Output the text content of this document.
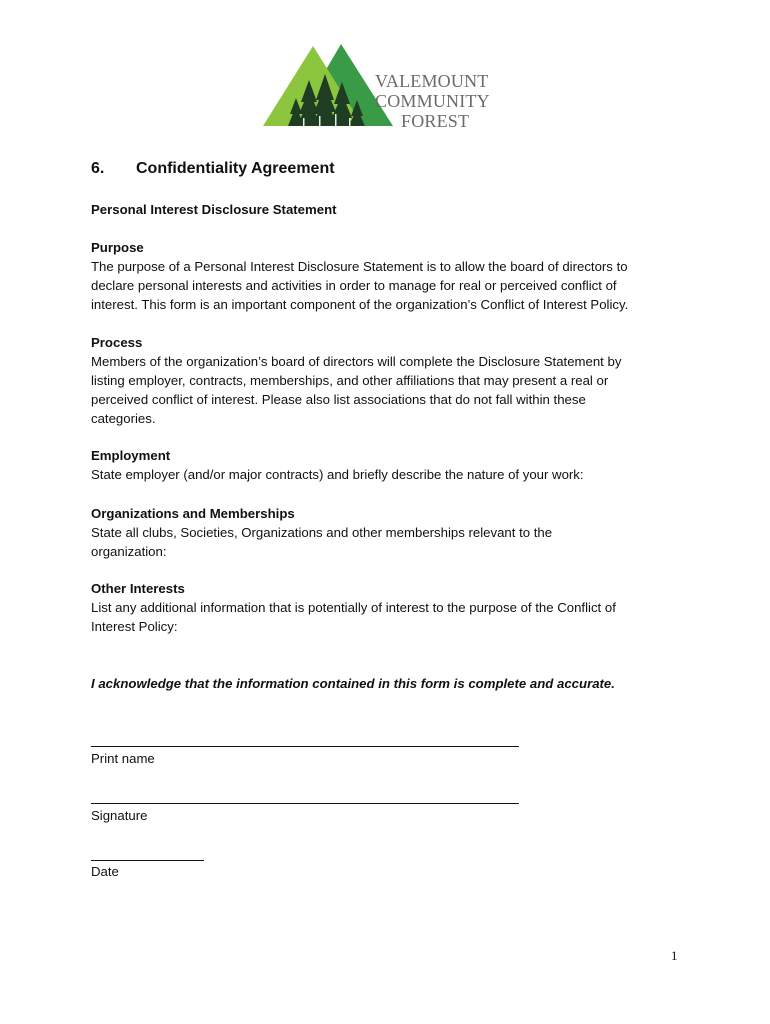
VALEMOUNT
COMMUNITY
FOREST
6. Confidentiality Agreement

Personal Interest Disclosure Statement

Purpose

The purpose of a Personal Interest Disclosure Statement is to allow the board of directors to

declare personal interests and activities in order to manage for real or perceived conflict of

interest. This form is an important component of the organization’s Conflict of Interest Policy.

Process

Members of the organization’s board of directors will complete the Disclosure Statement by

listing employer, contracts, memberships, and other affiliations that may present a real or

perceived conflict of interest. Please also list associations that do not fall within these

categories.

Employment

State employer (and/or major contracts) and briefly describe the nature of your work:

Organizations and Memberships

State all clubs, Societies, Organizations and other memberships relevant to the

organization:

Other Interests

List any additional information that is potentially of interest to the purpose of the Conflict of

Interest Policy:

I acknowledge that the information contained in this form is complete and accurate.
Print name
Signature
Date
1
